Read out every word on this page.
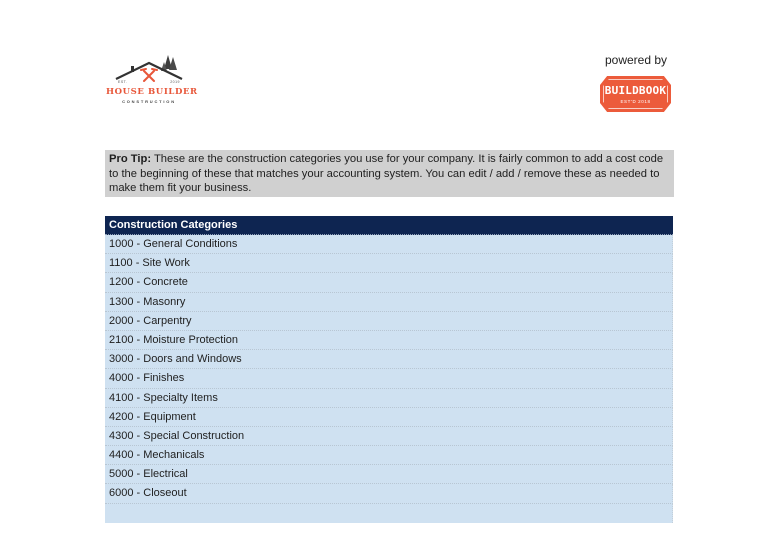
EST.	2019
HOUSE BUILDER
CONSTRUCTION
powered by
BUILDBOOK
EST'D 2018
Pro Tip: These are the construction categories you use for your company. It is fairly common to add a cost code to the beginning of these that matches your accounting system. You can edit / add / remove these as needed to make them fit your business.
Construction Categories
1000 - General Conditions
1100 - Site Work
1200 - Concrete
1300 - Masonry
2000 - Carpentry
2100 - Moisture Protection
3000 - Doors and Windows
4000 - Finishes
4100 - Specialty Items
4200 - Equipment
4300 - Special Construction
4400 - Mechanicals
5000 - Electrical
6000 - Closeout
